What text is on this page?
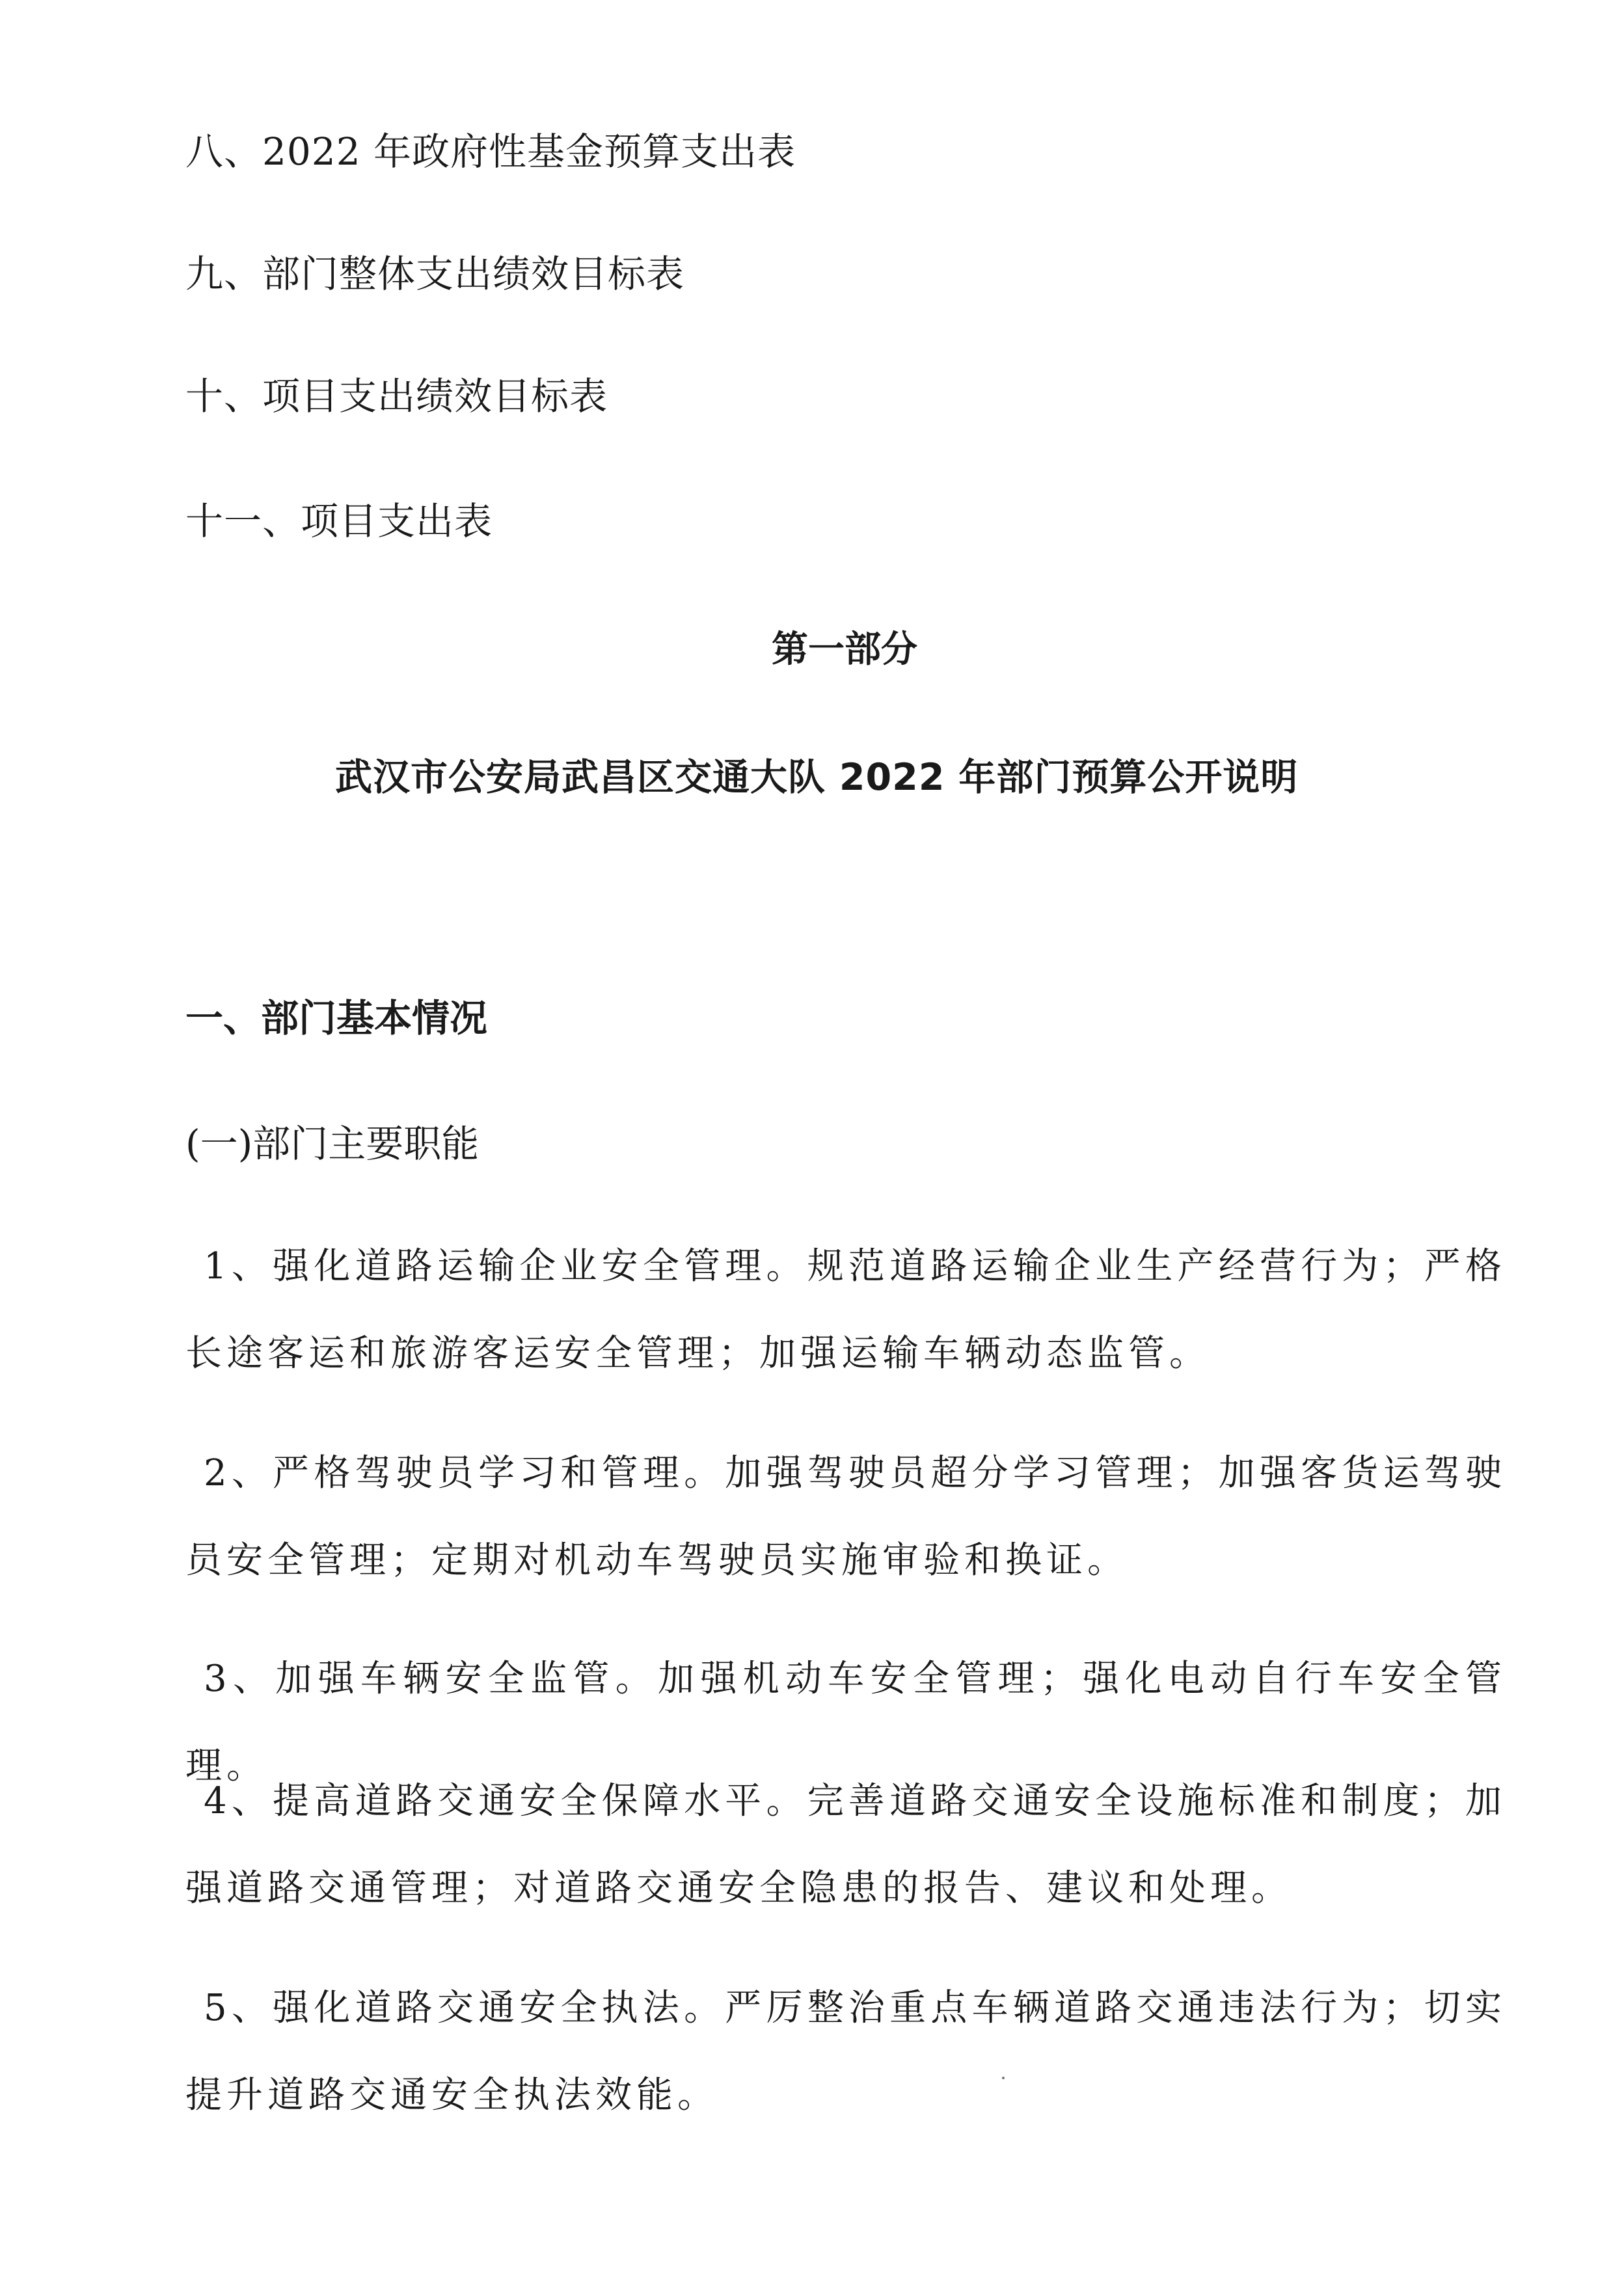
八、2022 年政府性基金预算支出表
九、部门整体支出绩效目标表
十、项目支出绩效目标表
十一、项目支出表
第一部分
武汉市公安局武昌区交通大队 2022 年部门预算公开说明
一、部门基本情况
(一)部门主要职能
1、强化道路运输企业安全管理。规范道路运输企业生产经营行为；严格长途客运和旅游客运安全管理；加强运输车辆动态监管。
2、严格驾驶员学习和管理。加强驾驶员超分学习管理；加强客货运驾驶员安全管理；定期对机动车驾驶员实施审验和换证。
3、加强车辆安全监管。加强机动车安全管理；强化电动自行车安全管理。
4、提高道路交通安全保障水平。完善道路交通安全设施标准和制度；加强道路交通管理；对道路交通安全隐患的报告、建议和处理。
5、强化道路交通安全执法。严厉整治重点车辆道路交通违法行为；切实提升道路交通安全执法效能。
